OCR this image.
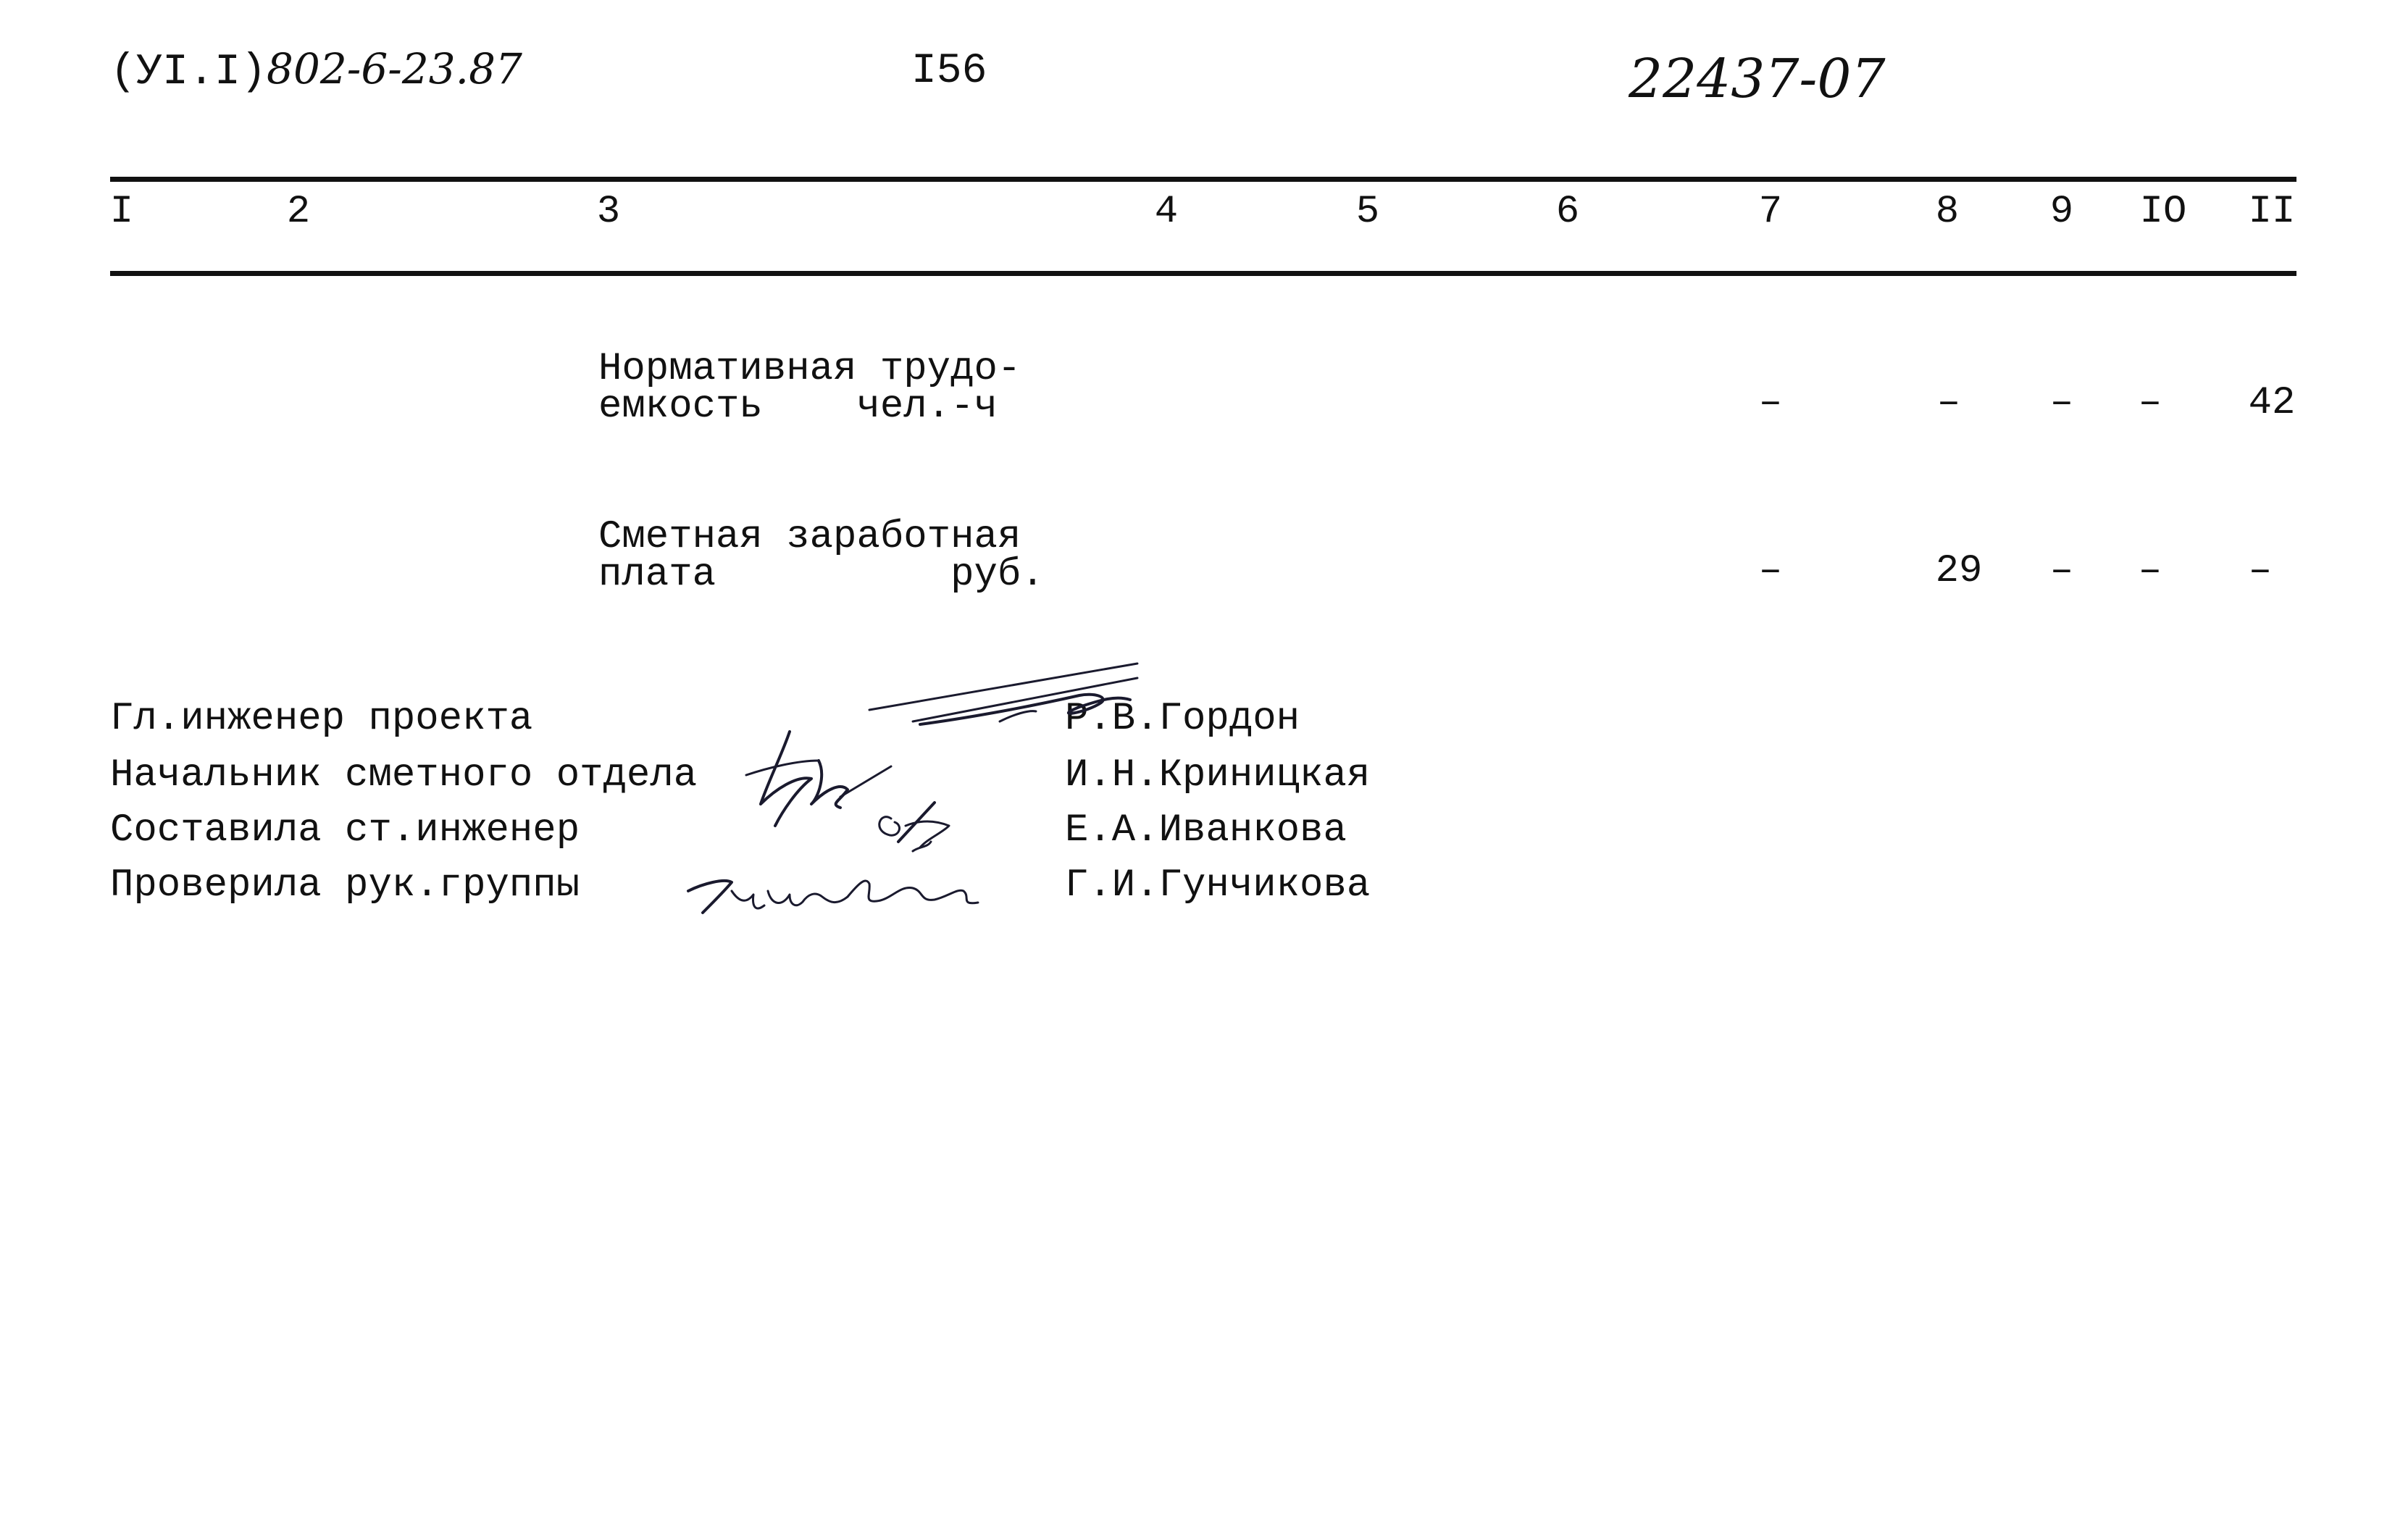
(УI.I)802-6-23.87	I56	22437-07
I	2	3	4	5	6	7	8 9 IO II
Нормативная трудо-
емкость    чел.-ч	–	– – – 42
Сметная заработная
плата          руб.	–	29 – – –
Гл.инженер проекта	Р.В.Гордон
Начальник сметного отдела	И.Н.Криницкая
Составила ст.инженер	Е.А.Иванкова
Проверила рук.группы	Г.И.Гунчикова
